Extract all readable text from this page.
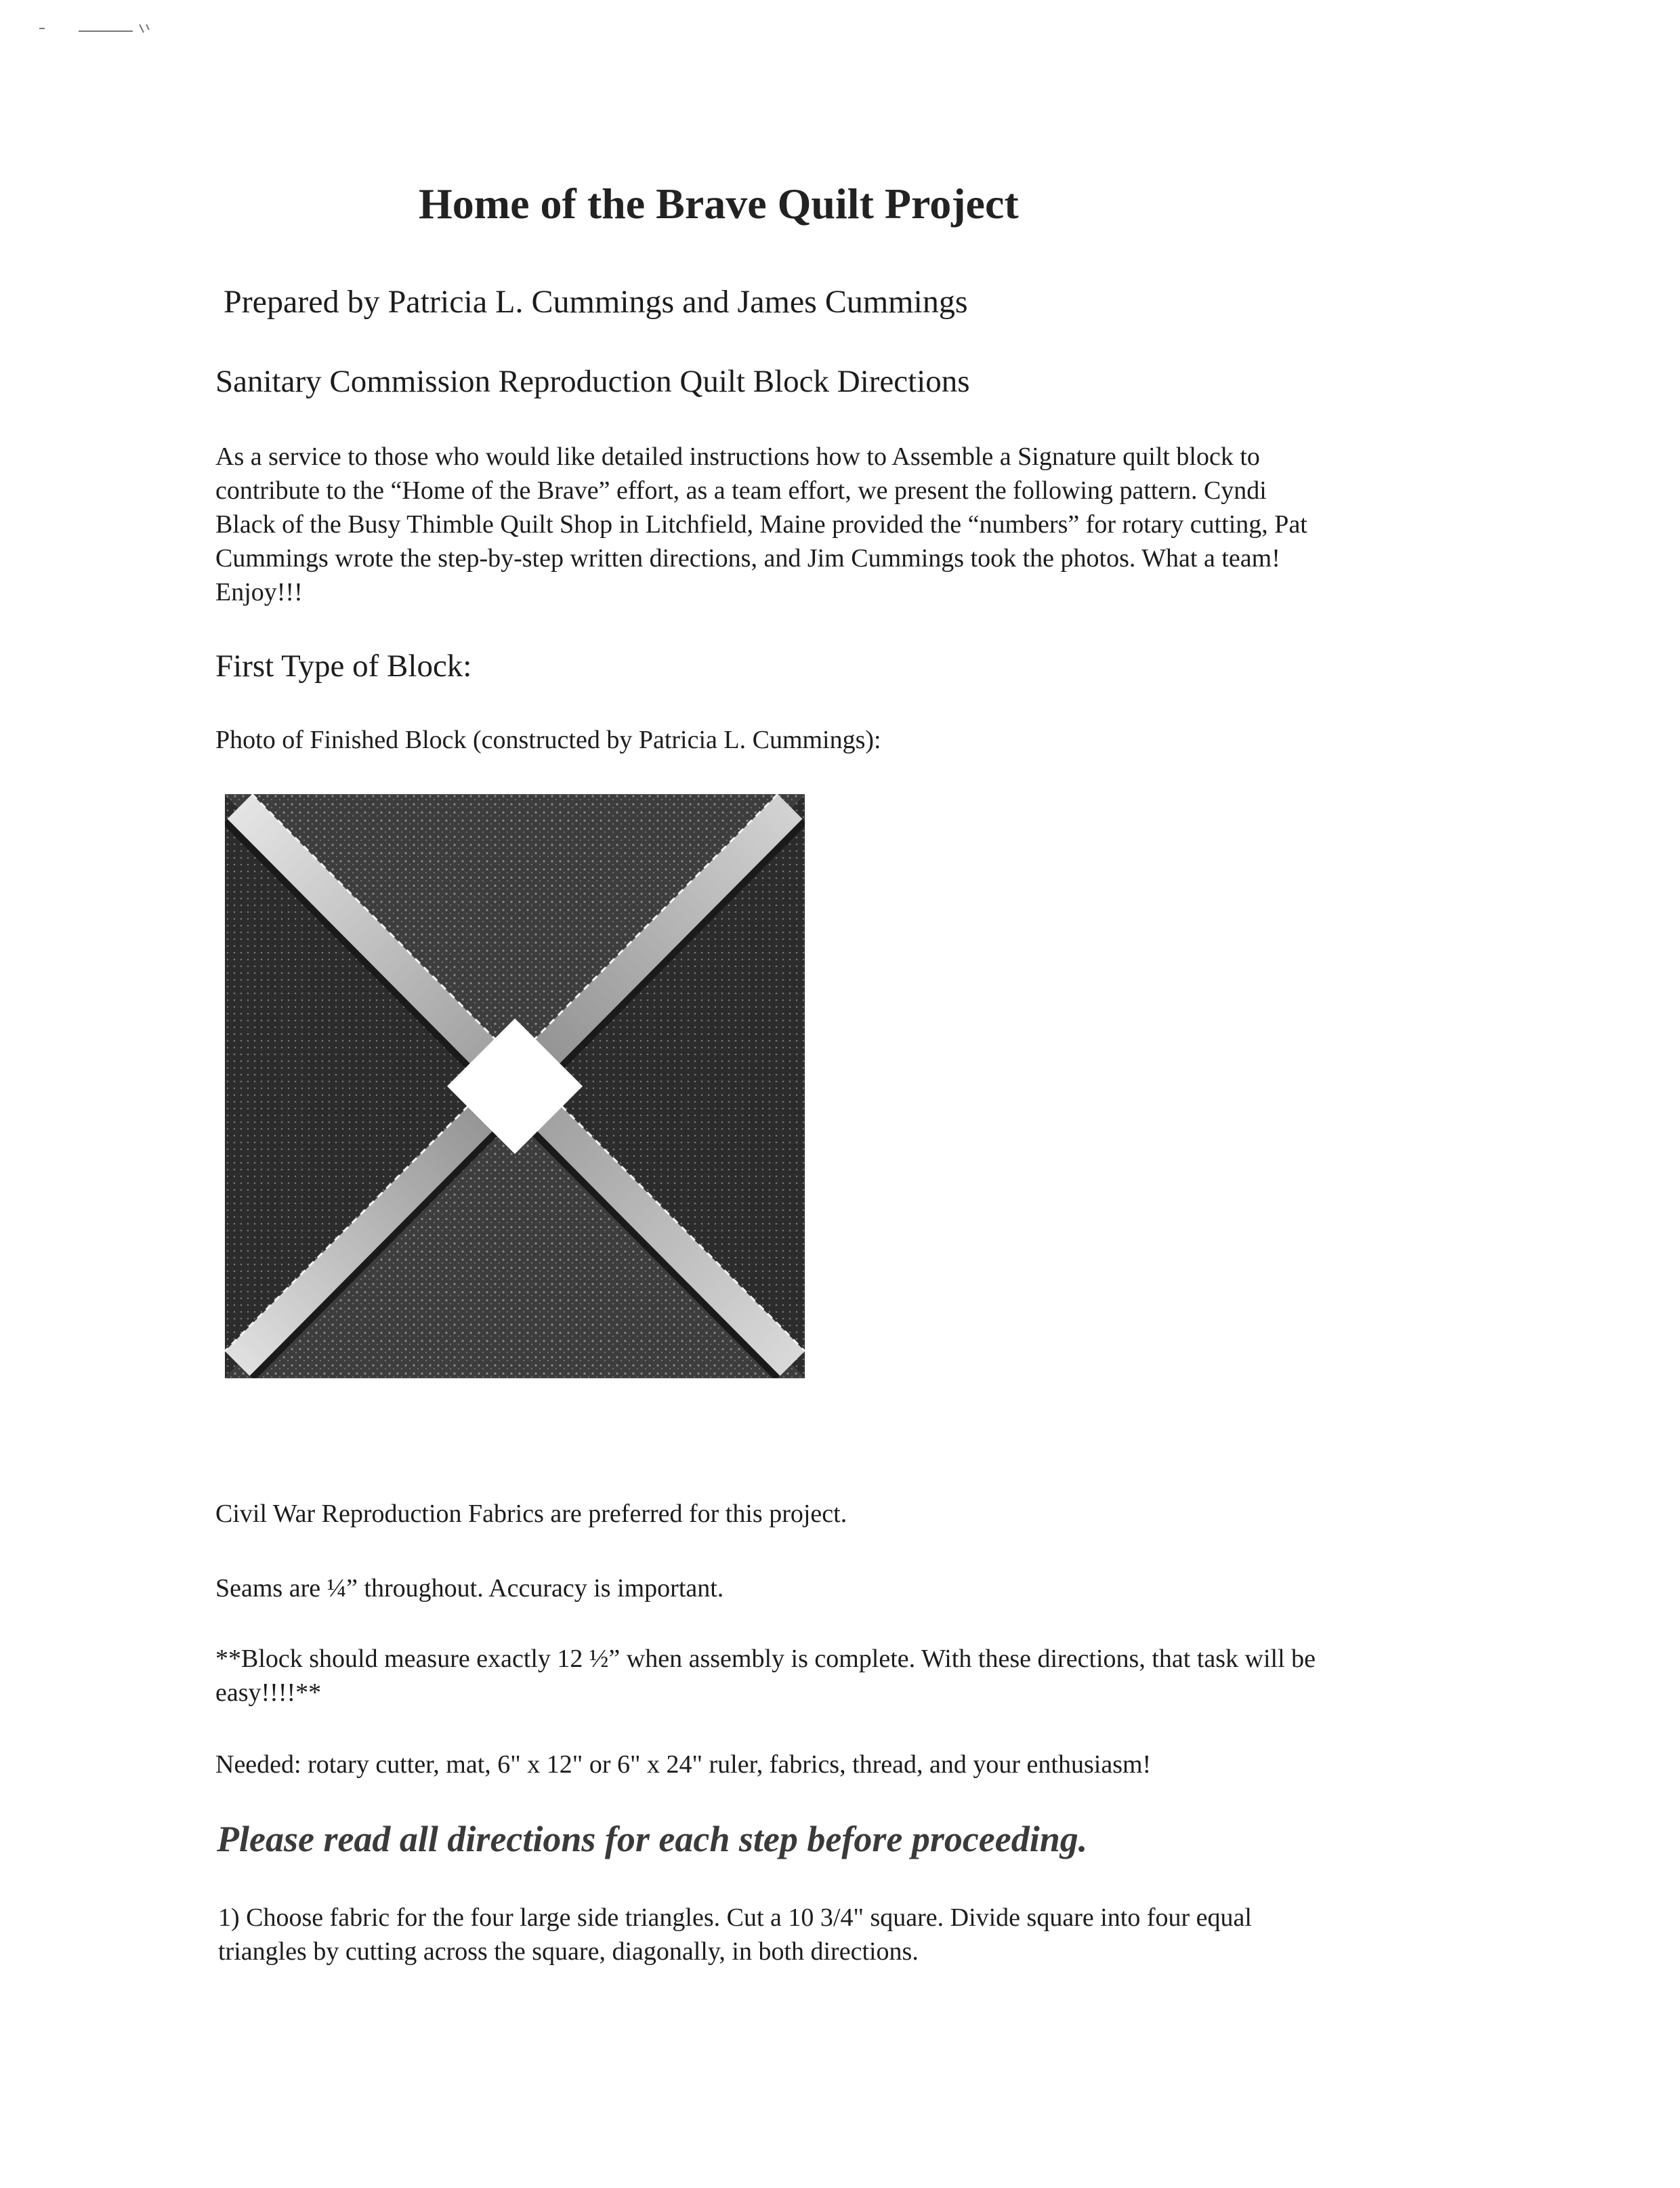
Home of the Brave Quilt Project

Prepared by Patricia L. Cummings and James Cummings

Sanitary Commission Reproduction Quilt Block Directions

As a service to those who would like detailed instructions how to Assemble a Signature quilt block to

contribute to the “Home of the Brave” effort, as a team effort, we present the following pattern. Cyndi

Black of the Busy Thimble Quilt Shop in Litchfield, Maine provided the “numbers” for rotary cutting, Pat

Cummings wrote the step-by-step written directions, and Jim Cummings took the photos. What a team!

Enjoy!!!

First Type of Block:

Photo of Finished Block (constructed by Patricia L. Cummings):

Civil War Reproduction Fabrics are preferred for this project.

Seams are ¼” throughout. Accuracy is important.

**Block should measure exactly 12 ½” when assembly is complete. With these directions, that task will be

easy!!!!**

Needed: rotary cutter, mat, 6" x 12" or 6" x 24" ruler, fabrics, thread, and your enthusiasm!

Please read all directions for each step before proceeding.

1) Choose fabric for the four large side triangles. Cut a 10 3/4" square. Divide square into four equal

triangles by cutting across the square, diagonally, in both directions.
